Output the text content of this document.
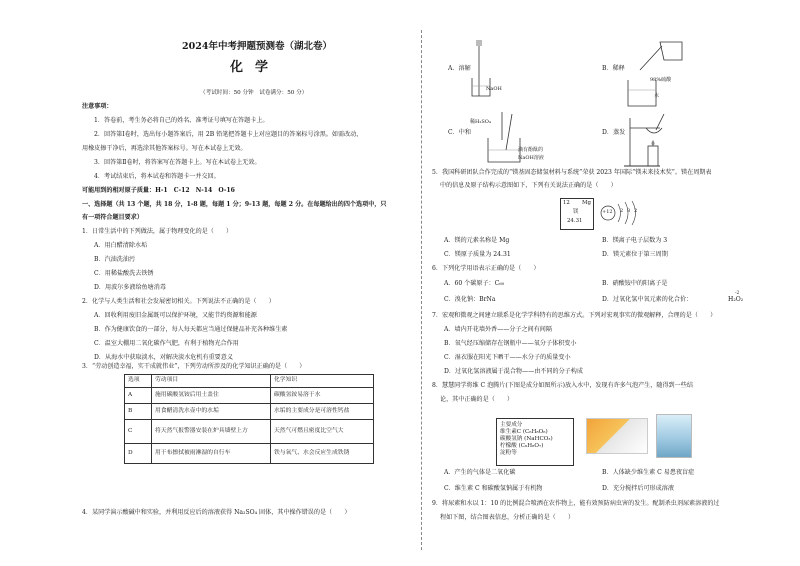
2024年中考押题预测卷（湖北卷）
化学
（考试时间：50 分钟　试卷满分：50 分）
注意事项：
1．答卷前，考生务必将自己的姓名、准考证号填写在答题卡上。
2．回答第Ⅰ卷时，选出每小题答案后，用 2B 铅笔把答题卡上对应题目的答案标号涂黑。如需改动，
用橡皮擦干净后，再选涂其他答案标号。写在本试卷上无效。
3．回答第Ⅱ卷时，将答案写在答题卡上。写在本试卷上无效。
4．考试结束后，将本试卷和答题卡一并交回。
可能用到的相对原子质量：H-1　C-12　N-14　O-16
一、选择题（共 13 个题，共 18 分，1-8 题，每题 1 分；9-13 题，每题 2 分。在每题给出的四个选项中，只
有一项符合题目要求）
1．日常生活中的下列做法，属于物理变化的是（　　）
A．用白醋清除水垢
B．汽油洗油污
C．用稀盐酸洗去铁锈
D．用波尔多液给鱼塘消毒
2．化学与人类生活和社会发展密切相关。下列说法不正确的是（　　）
A．回收利用废旧金属既可以保护环境，又能节约资源和能源
B．作为健康饮食的一部分，每人每天都应当通过保健品补充各种维生素
C．温室大棚用二氧化碳作气肥，有利于植物光合作用
D．从海水中获取淡水，对解决淡水危机有重要意义
3．“劳动创造幸福，实干成就伟业”，下列劳动所涉及的化学知识正确的是（　　）
选项	劳动项目	化学知识
A	施用碳酸氢铵后用土盖住	碳酸氢铵易溶于水
B	用食醋清洗水壶中的水垢	水垢的主要成分是可溶性钙盐
C	将天然气报警器安装在炉具墙壁上方	天然气可燃且密度比空气大
D	用干布擦拭被雨淋湿的自行车	铁与氧气、水会反应生成铁锈
4．某同学演示酸碱中和实验，并利用反应后的溶液获得 Na₂SO₄ 固体，其中操作错误的是（　　）
A．溶解
NaOH
B．稀释
98%硫酸
水
C．中和
稀H₂SO₄
滴有酚酞的
NaOH溶液
D．蒸发
5．我国科研团队合作完成的“镁基固态储氢材料与系统”荣获 2023 年国际“镁未来技术奖”。镁在周期表
中的信息及原子结构示意图如下，下列有关说法正确的是（　　）
12 Mg
镁
24.31
+12 2 8 2
A．镁的元素名称是 Mg	B．镁离子电子层数为 3
C．镁原子质量为 24.31	D．镁元素位于第三周期
6．下列化学用语表示正确的是（　　）
A．60 个碳原子：C₆₀	B．硝酸铵中的阳离子是
C．溴化钠：BrNa	D．过氧化氢中氧元素的化合价：
-2
H₂O₂
7．宏观和微观之间建立联系是化学学科特有的思维方式。下列对宏观事实的微观解释，合理的是（　　）
A．墙内开花墙外香——分子之间有间隔
B．氧气经压缩储存在钢瓶中——氧分子体积变小
C．湿衣服在阳光下晒干——水分子的质量变小
D．过氧化氢溶液属于混合物——由不同的分子构成
8．慧慧同学将维 C 泡腾片(下图是成分如图所示)放入水中，发现有许多气泡产生，随得到一些结
论，其中正确的是（　　）
主要成分
维生素C (C₆H₈O₆)
碳酸氢钠 (NaHCO₃)
柠檬酸 (C₆H₈O₇)
淀粉等
A．产生的气体是二氧化碳	B．人体缺少维生素 C 易患夜盲症
C．维生素 C 和碳酸氢钠属于有机物	D．充分搅拌后可形成溶液
9．将尿素和水以 1：10 的比例混合喷洒在农作物上，能有效预防病虫害的发生。配制杀虫剂尿素溶液的过
程如下图，结合图表信息，分析正确的是（　　）
